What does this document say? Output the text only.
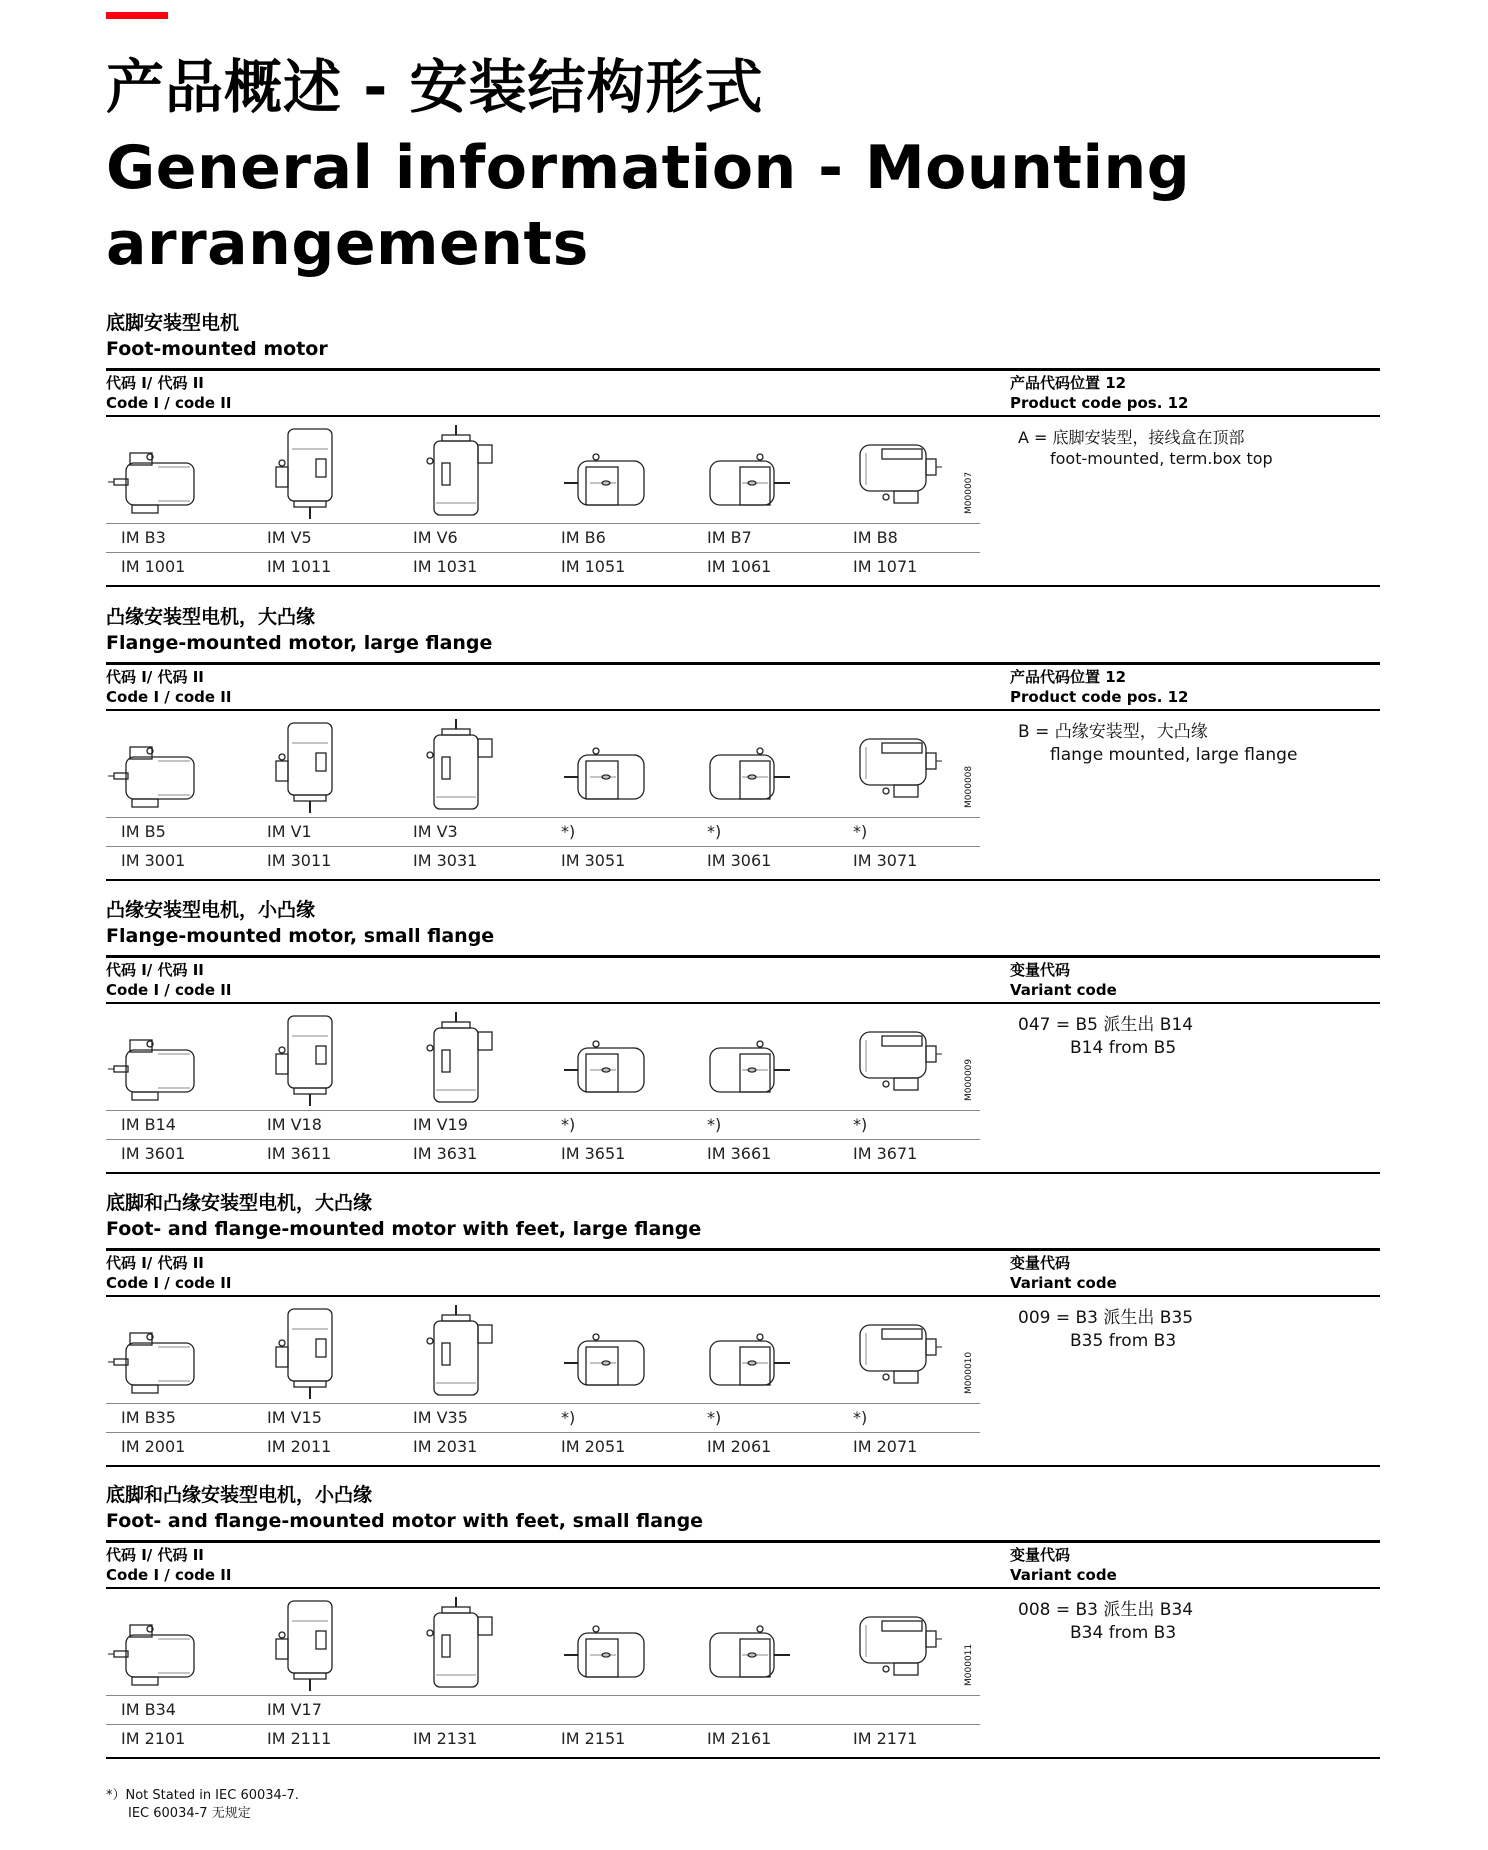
产品概述 - 安装结构形式
General information - Mounting
arrangements
底脚安装型电机
Foot-mounted motor
代码 I/ 代码 II
Code I / code II
产品代码位置 12
Product code pos. 12
M000007
IM B3	IM V5	IM V6	IM B6	IM B7	IM B8
IM 1001	IM 1011	IM 1031	IM 1051	IM 1061	IM 1071
A = 底脚安装型，接线盒在顶部
foot-mounted, term.box top
凸缘安装型电机，大凸缘
Flange-mounted motor, large flange
代码 I/ 代码 II
Code I / code II
产品代码位置 12
Product code pos. 12
M000008
IM B5	IM V1	IM V3	*)	*)	*)
IM 3001	IM 3011	IM 3031	IM 3051	IM 3061	IM 3071
B = 凸缘安装型，大凸缘
flange mounted, large flange
凸缘安装型电机，小凸缘
Flange-mounted motor, small flange
代码 I/ 代码 II
Code I / code II
变量代码
Variant code
M000009
IM B14	IM V18	IM V19	*)	*)	*)
IM 3601	IM 3611	IM 3631	IM 3651	IM 3661	IM 3671
047 = B5 派生出 B14
B14 from B5
底脚和凸缘安装型电机，大凸缘
Foot- and flange-mounted motor with feet, large flange
代码 I/ 代码 II
Code I / code II
变量代码
Variant code
M000010
IM B35	IM V15	IM V35	*)	*)	*)
IM 2001	IM 2011	IM 2031	IM 2051	IM 2061	IM 2071
009 = B3 派生出 B35
B35 from B3
底脚和凸缘安装型电机，小凸缘
Foot- and flange-mounted motor with feet, small flange
代码 I/ 代码 II
Code I / code II
变量代码
Variant code
M000011
IM B34	IM V17
IM 2101	IM 2111	IM 2131	IM 2151	IM 2161	IM 2171
008 = B3 派生出 B34
B34 from B3
*）Not Stated in IEC 60034-7.
IEC 60034-7 无规定
